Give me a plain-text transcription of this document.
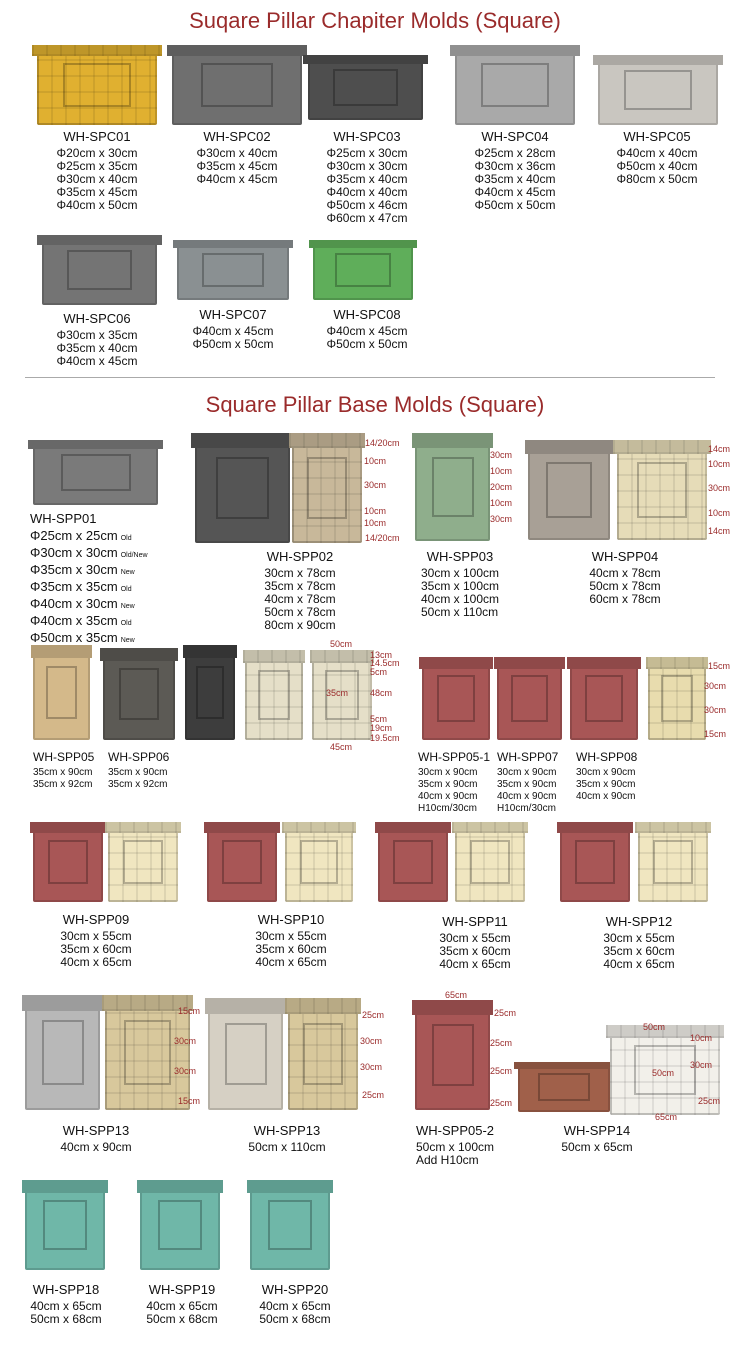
Suqare Pillar Chapiter Molds (Square)
Square Pillar Base Molds (Square)
WH-SPC01
Φ20cm x 30cm
Φ25cm x 35cm
Φ30cm x 40cm
Φ35cm x 45cm
Φ40cm x 50cm
WH-SPC02
Φ30cm x 40cm
Φ35cm x 45cm
Φ40cm x 45cm
WH-SPC03
Φ25cm x 30cm
Φ30cm x 30cm
Φ35cm x 40cm
Φ40cm x 40cm
Φ50cm x 46cm
Φ60cm x 47cm
WH-SPC04
Φ25cm x 28cm
Φ30cm x 36cm
Φ35cm x 40cm
Φ40cm x 45cm
Φ50cm x 50cm
WH-SPC05
Φ40cm x 40cm
Φ50cm x 40cm
Φ80cm x 50cm
WH-SPC06
Φ30cm x 35cm
Φ35cm x 40cm
Φ40cm x 45cm
WH-SPC07
Φ40cm x 45cm
Φ50cm x 50cm
WH-SPC08
Φ40cm x 45cm
Φ50cm x 50cm
WH-SPP01
Φ25cm x 25cm Old
Φ30cm x 30cm Old/New
Φ35cm x 30cm New
Φ35cm x 35cm Old
Φ40cm x 30cm New
Φ40cm x 35cm Old
Φ50cm x 35cm New
14/20cm
10cm
30cm
10cm
10cm
14/20cm
WH-SPP02
30cm x 78cm
35cm x 78cm
40cm x 78cm
50cm x 78cm
80cm x 90cm
30cm
10cm
20cm
10cm
30cm
WH-SPP03
30cm x 100cm
35cm x 100cm
40cm x 100cm
50cm x 110cm
14cm
10cm
30cm
10cm
14cm
WH-SPP04
40cm x 78cm
50cm x 78cm
60cm x 78cm
WH-SPP05
35cm x 90cm
35cm x 92cm
WH-SPP06
35cm x 90cm
35cm x 92cm
50cm
13cm
14.5cm
5cm
35cm 48cm
5cm
19cm
19.5cm
45cm
WH-SPP05-1
30cm x 90cm
35cm x 90cm
40cm x 90cm
H10cm/30cm
WH-SPP07
30cm x 90cm
35cm x 90cm
40cm x 90cm
H10cm/30cm
15cm
30cm
30cm
15cm
WH-SPP08
30cm x 90cm
35cm x 90cm
40cm x 90cm
WH-SPP09
30cm x 55cm
35cm x 60cm
40cm x 65cm
WH-SPP10
30cm x 55cm
35cm x 60cm
40cm x 65cm
WH-SPP11
30cm x 55cm
35cm x 60cm
40cm x 65cm
WH-SPP12
30cm x 55cm
35cm x 60cm
40cm x 65cm
15cm
30cm
30cm
15cm
WH-SPP13
40cm x 90cm
25cm
30cm
30cm
25cm
WH-SPP13
50cm x 110cm
65cm
25cm
25cm
25cm
25cm
WH-SPP05-2
50cm x 100cm
Add H10cm
50cm
10cm
30cm
50cm
25cm
65cm
WH-SPP14
50cm x 65cm
WH-SPP18
40cm x 65cm
50cm x 68cm
WH-SPP19
40cm x 65cm
50cm x 68cm
WH-SPP20
40cm x 65cm
50cm x 68cm
